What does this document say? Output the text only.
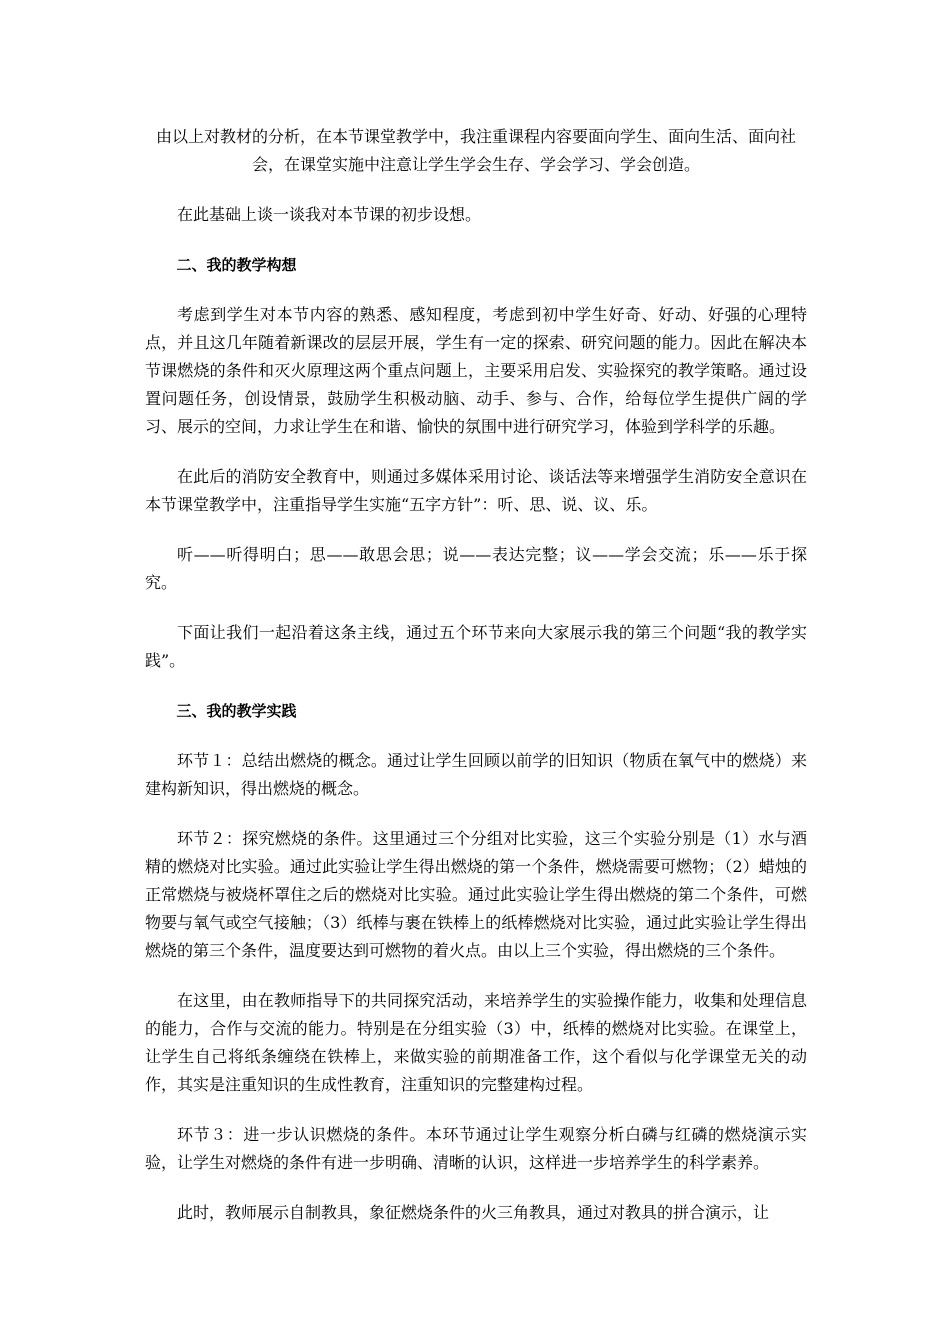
由以上对教材的分析，在本节课堂教学中，我注重课程内容要面向学生、面向生活、面向社会，在课堂实施中注意让学生学会生存、学会学习、学会创造。

在此基础上谈一谈我对本节课的初步设想。

二、我的教学构想

考虑到学生对本节内容的熟悉、感知程度，考虑到初中学生好奇、好动、好强的心理特点，并且这几年随着新课改的层层开展，学生有一定的探索、研究问题的能力。因此在解决本节课燃烧的条件和灭火原理这两个重点问题上，主要采用启发、实验探究的教学策略。通过设置问题任务，创设情景，鼓励学生积极动脑、动手、参与、合作，给每位学生提供广阔的学习、展示的空间，力求让学生在和谐、愉快的氛围中进行研究学习，体验到学科学的乐趣。

在此后的消防安全教育中，则通过多媒体采用讨论、谈话法等来增强学生消防安全意识在本节课堂教学中，注重指导学生实施“五字方针”：听、思、说、议、乐。

听——听得明白；思——敢思会思；说——表达完整；议——学会交流；乐——乐于探究。

下面让我们一起沿着这条主线，通过五个环节来向大家展示我的第三个问题“我的教学实践”。

三、我的教学实践

环节１：总结出燃烧的概念。通过让学生回顾以前学的旧知识（物质在氧气中的燃烧）来建构新知识，得出燃烧的概念。

环节２：探究燃烧的条件。这里通过三个分组对比实验，这三个实验分别是（1）水与酒精的燃烧对比实验。通过此实验让学生得出燃烧的第一个条件，燃烧需要可燃物；（2）蜡烛的正常燃烧与被烧杯罩住之后的燃烧对比实验。通过此实验让学生得出燃烧的第二个条件，可燃物要与氧气或空气接触；（3）纸棒与裹在铁棒上的纸棒燃烧对比实验，通过此实验让学生得出燃烧的第三个条件，温度要达到可燃物的着火点。由以上三个实验，得出燃烧的三个条件。

在这里，由在教师指导下的共同探究活动，来培养学生的实验操作能力，收集和处理信息的能力，合作与交流的能力。特别是在分组实验（3）中，纸棒的燃烧对比实验。在课堂上，让学生自己将纸条缠绕在铁棒上，来做实验的前期准备工作，这个看似与化学课堂无关的动作，其实是注重知识的生成性教育，注重知识的完整建构过程。

环节３：进一步认识燃烧的条件。本环节通过让学生观察分析白磷与红磷的燃烧演示实验，让学生对燃烧的条件有进一步明确、清晰的认识，这样进一步培养学生的科学素养。

此时，教师展示自制教具，象征燃烧条件的火三角教具，通过对教具的拼合演示，让
